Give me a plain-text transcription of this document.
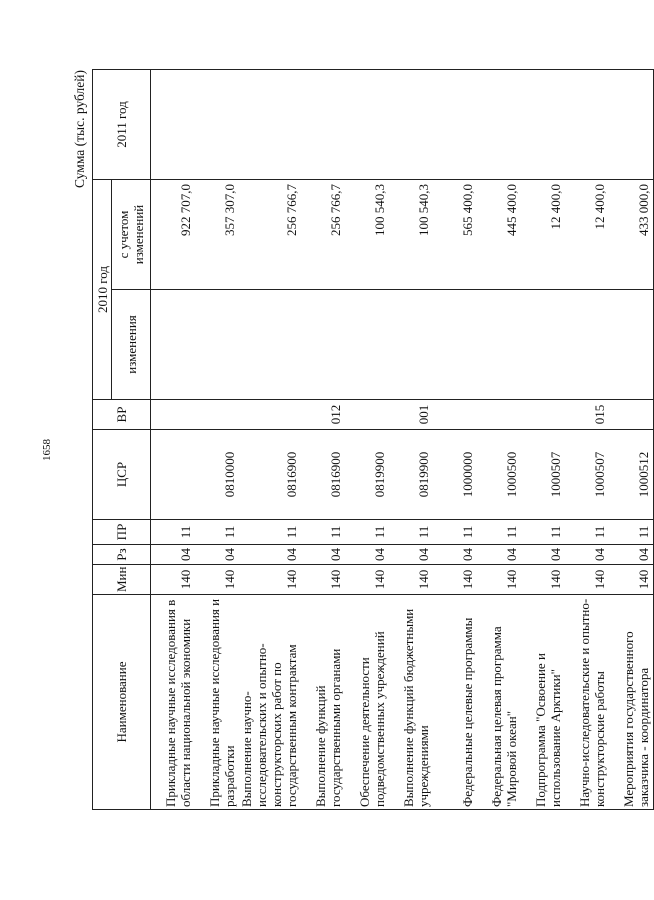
1658
Сумма (тыс. рублей)
Наименование	Мин	Рз	ПР	ЦСР	ВР	2010 год		2011 год
						изменения	с учетом изменений	
Прикладные научные исследования в области национальной экономики	140	04	11				922 707,0	
Прикладные научные исследования и разработки	140	04	11	0810000			357 307,0	
Выполнение научно-исследовательских и опытно-конструкторских работ по государственным контрактам	140	04	11	0816900			256 766,7	
Выполнение функций государственными органами	140	04	11	0816900	012		256 766,7	
Обеспечение деятельности подведомственных учреждений	140	04	11	0819900			100 540,3	
Выполнение функций бюджетными учреждениями	140	04	11	0819900	001		100 540,3	
Федеральные целевые программы	140	04	11	1000000			565 400,0	
Федеральная целевая программа "Мировой океан"	140	04	11	1000500			445 400,0	
Подпрограмма "Освоение и использование Арктики"	140	04	11	1000507			12 400,0	
Научно-исследовательские и опытно-конструкторские работы	140	04	11	1000507	015		12 400,0	
Мероприятия государственного заказчика - координатора	140	04	11	1000512			433 000,0	
